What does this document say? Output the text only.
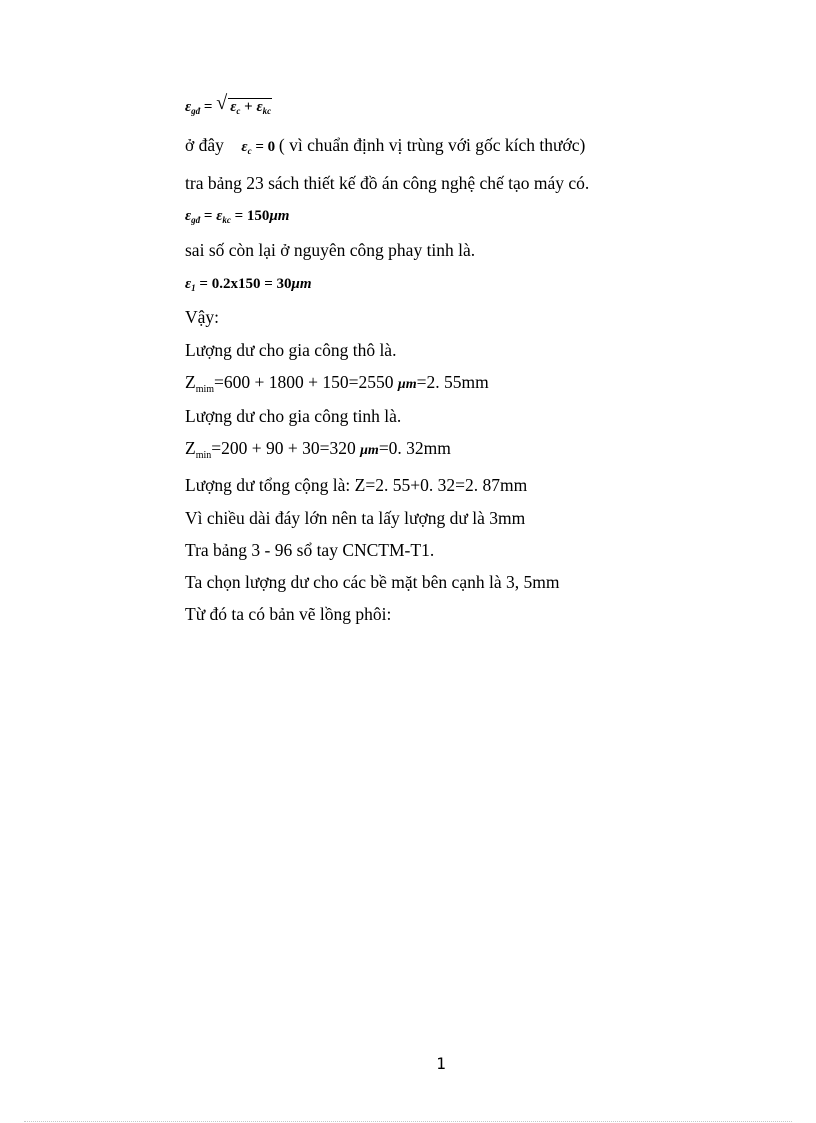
$\varepsilon_{gđ}$ = √ $\varepsilon_c + \varepsilon_{kc}$
ở đây $\varepsilon_c = 0$ ( vì chuẩn định vị trùng với gốc kích thước)
tra bảng 23 sách thiết kế đồ án công nghệ chế tạo máy có.
$\varepsilon_{gđ} = \varepsilon_{kc} = 150\mu m$
sai số còn lại ở nguyên công phay tinh là.
$\varepsilon_1 = 0.2x150 = 30\mu m$
Vậy:
Lượng dư cho gia công thô là.
$Z_{mim}=600 + 1800 + 150=2550$ μm=2. 55mm
Lượng dư cho gia công tinh là.
$Z_{min}=200 + 90 + 30=320$ μm=0. 32mm
Lượng dư tổng cộng là: Z=2. 55+0. 32=2. 87mm
Vì chiều dài đáy lớn nên ta lấy lượng dư là 3mm
Tra bảng 3 - 96 sổ tay CNCTM-T1.
Ta chọn lượng dư cho các bề mặt bên cạnh là 3, 5mm
Từ đó ta có bản vẽ lồng phôi:
1
